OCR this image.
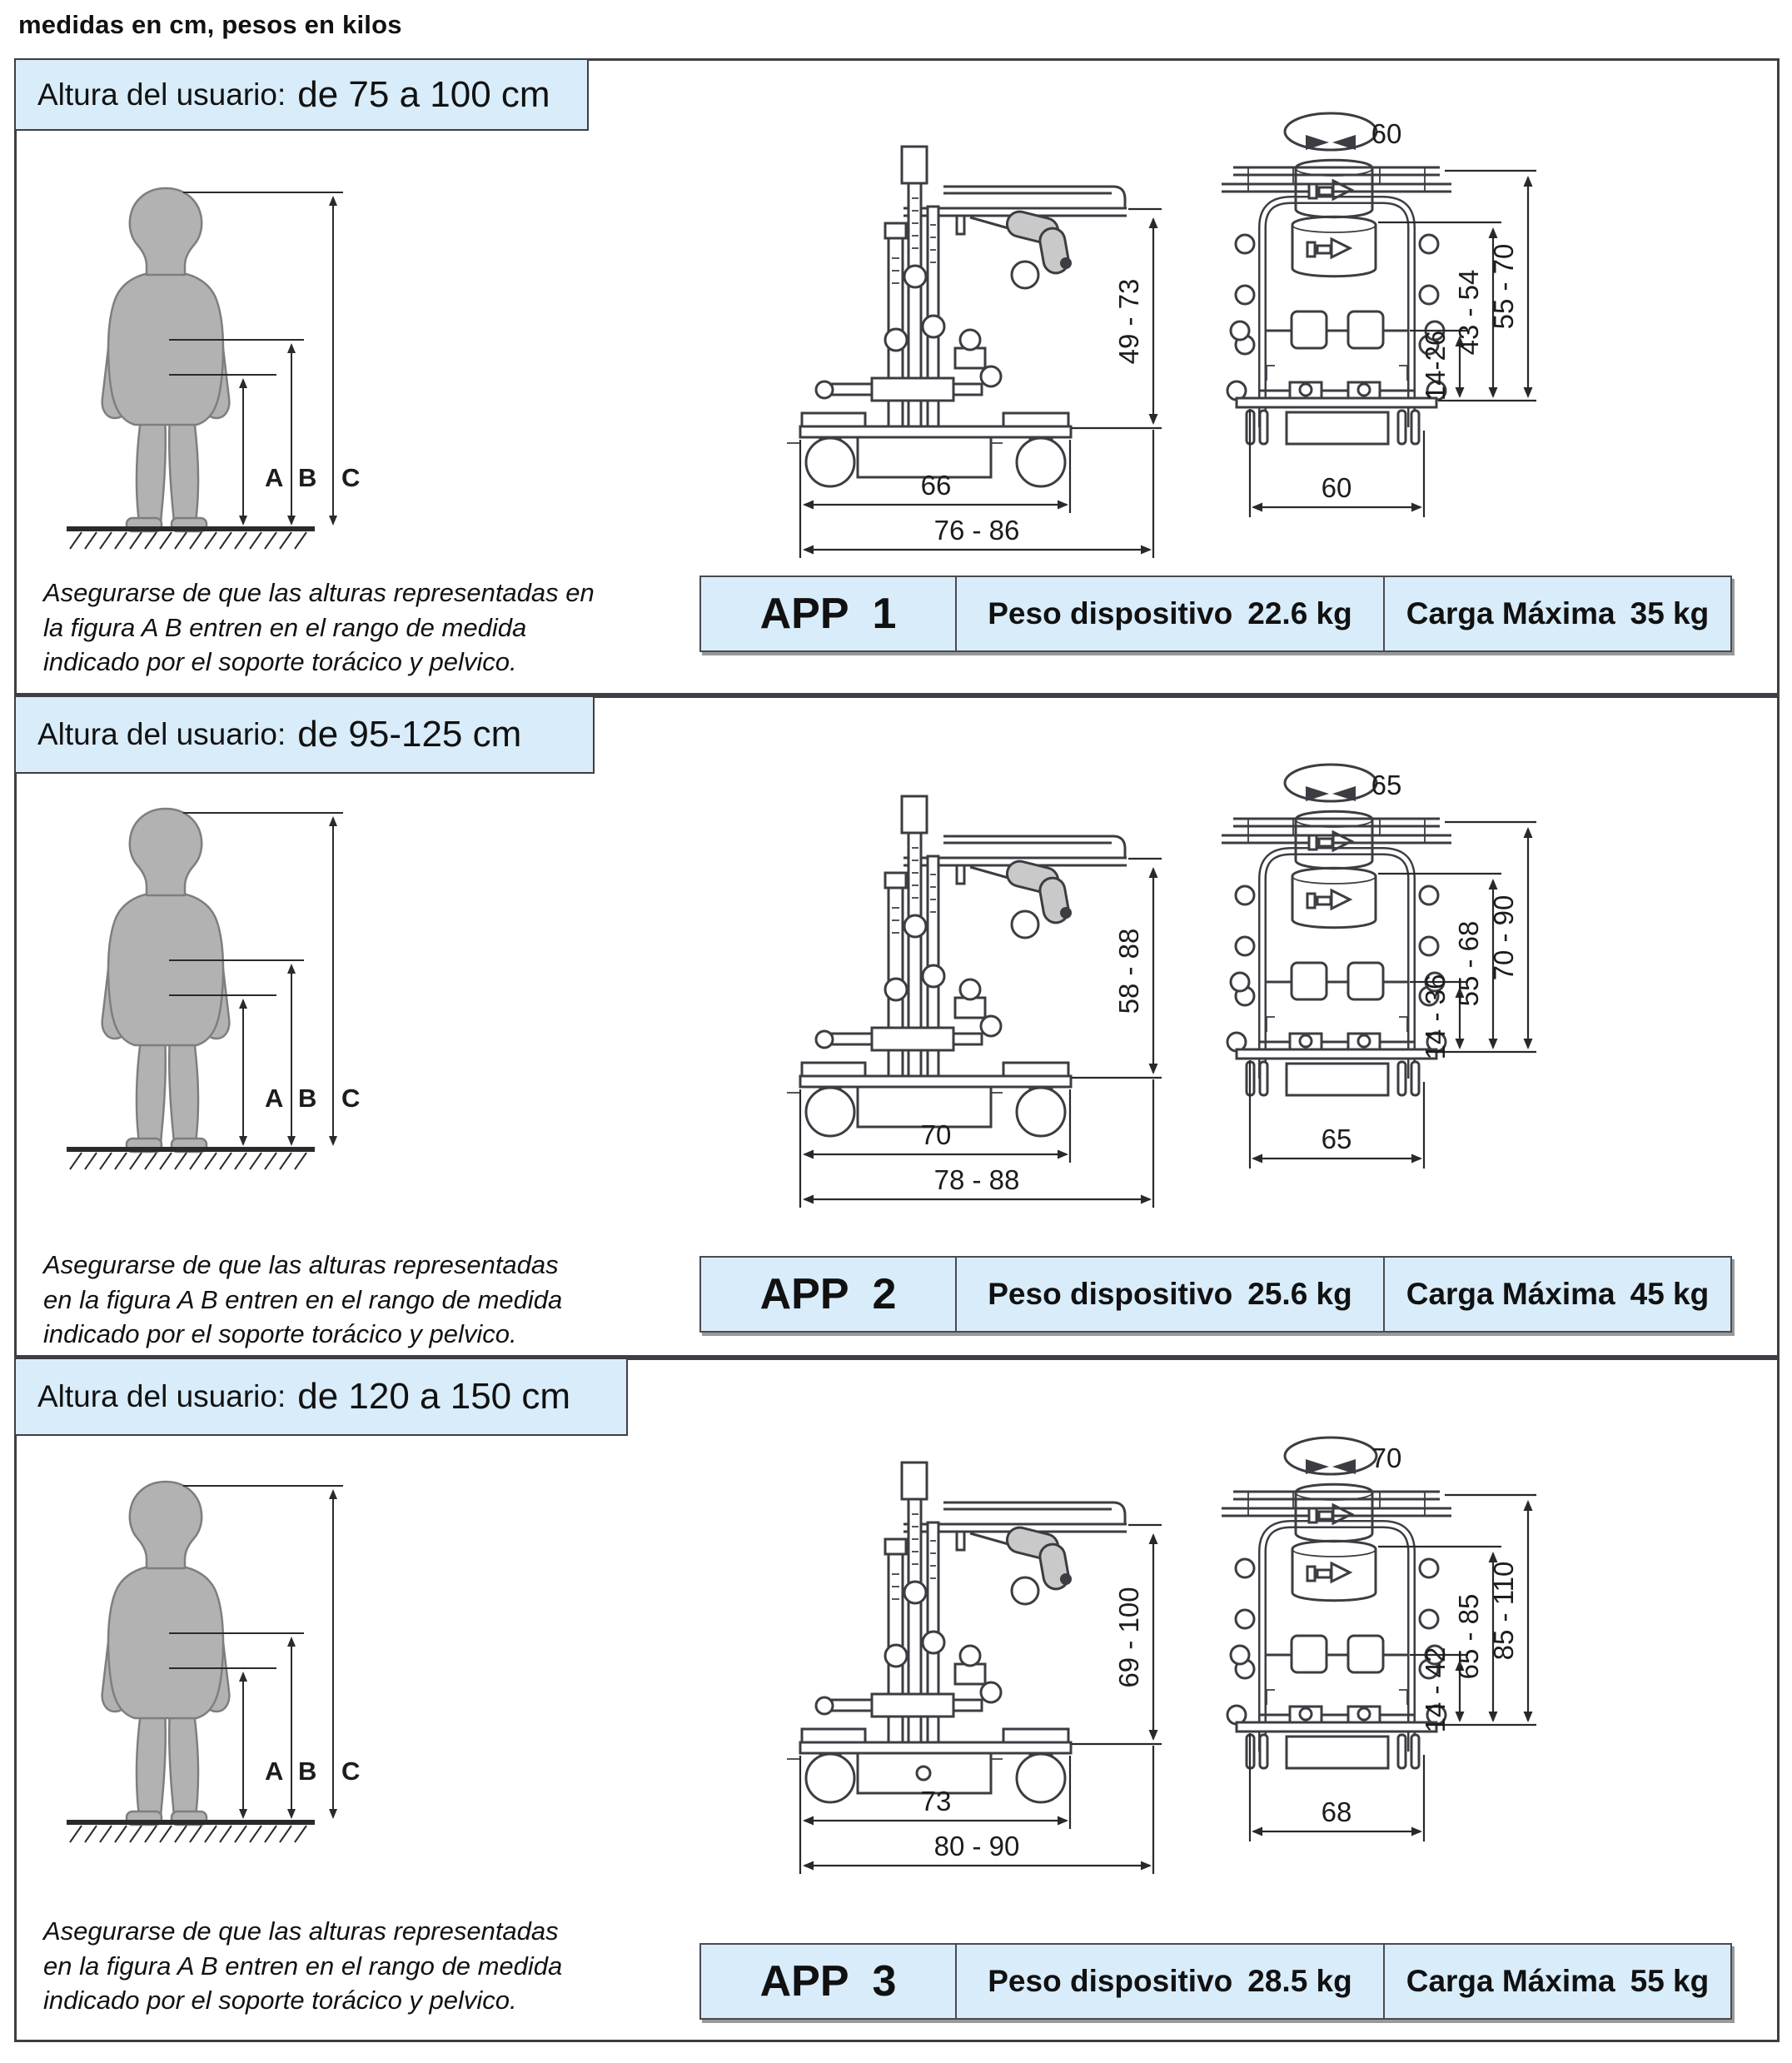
medidas en cm, pesos en kilos
Altura del usuario: de 75 a 100 cm
A B C
49 - 73
66
76 - 86
60
55 - 70
43 - 54
14-26
60
Asegurarse de que las alturas representadas en
la figura A B entren en el rango de medida
indicado por el soporte torácico y pelvico.
APP  1	Peso dispositivo 22.6 kg Carga Máxima 35 kg
Altura del usuario: de 95-125 cm
A B C
58 - 88
70
78 - 88
65
70 - 90
55 - 68
14 - 36
65
Asegurarse de que las alturas representadas
en la figura A B entren en el rango de medida
indicado por el soporte torácico y pelvico.
APP  2	Peso dispositivo 25.6 kg Carga Máxima 45 kg
Altura del usuario: de 120 a 150 cm
A B C
69 - 100
73
80 - 90
70
85 - 110
65 - 85
14 - 42
68
Asegurarse de que las alturas representadas
en la figura A B entren en el rango de medida
indicado por el soporte torácico y pelvico.	APP  3	Peso dispositivo 28.5 kg Carga Máxima 55 kg
